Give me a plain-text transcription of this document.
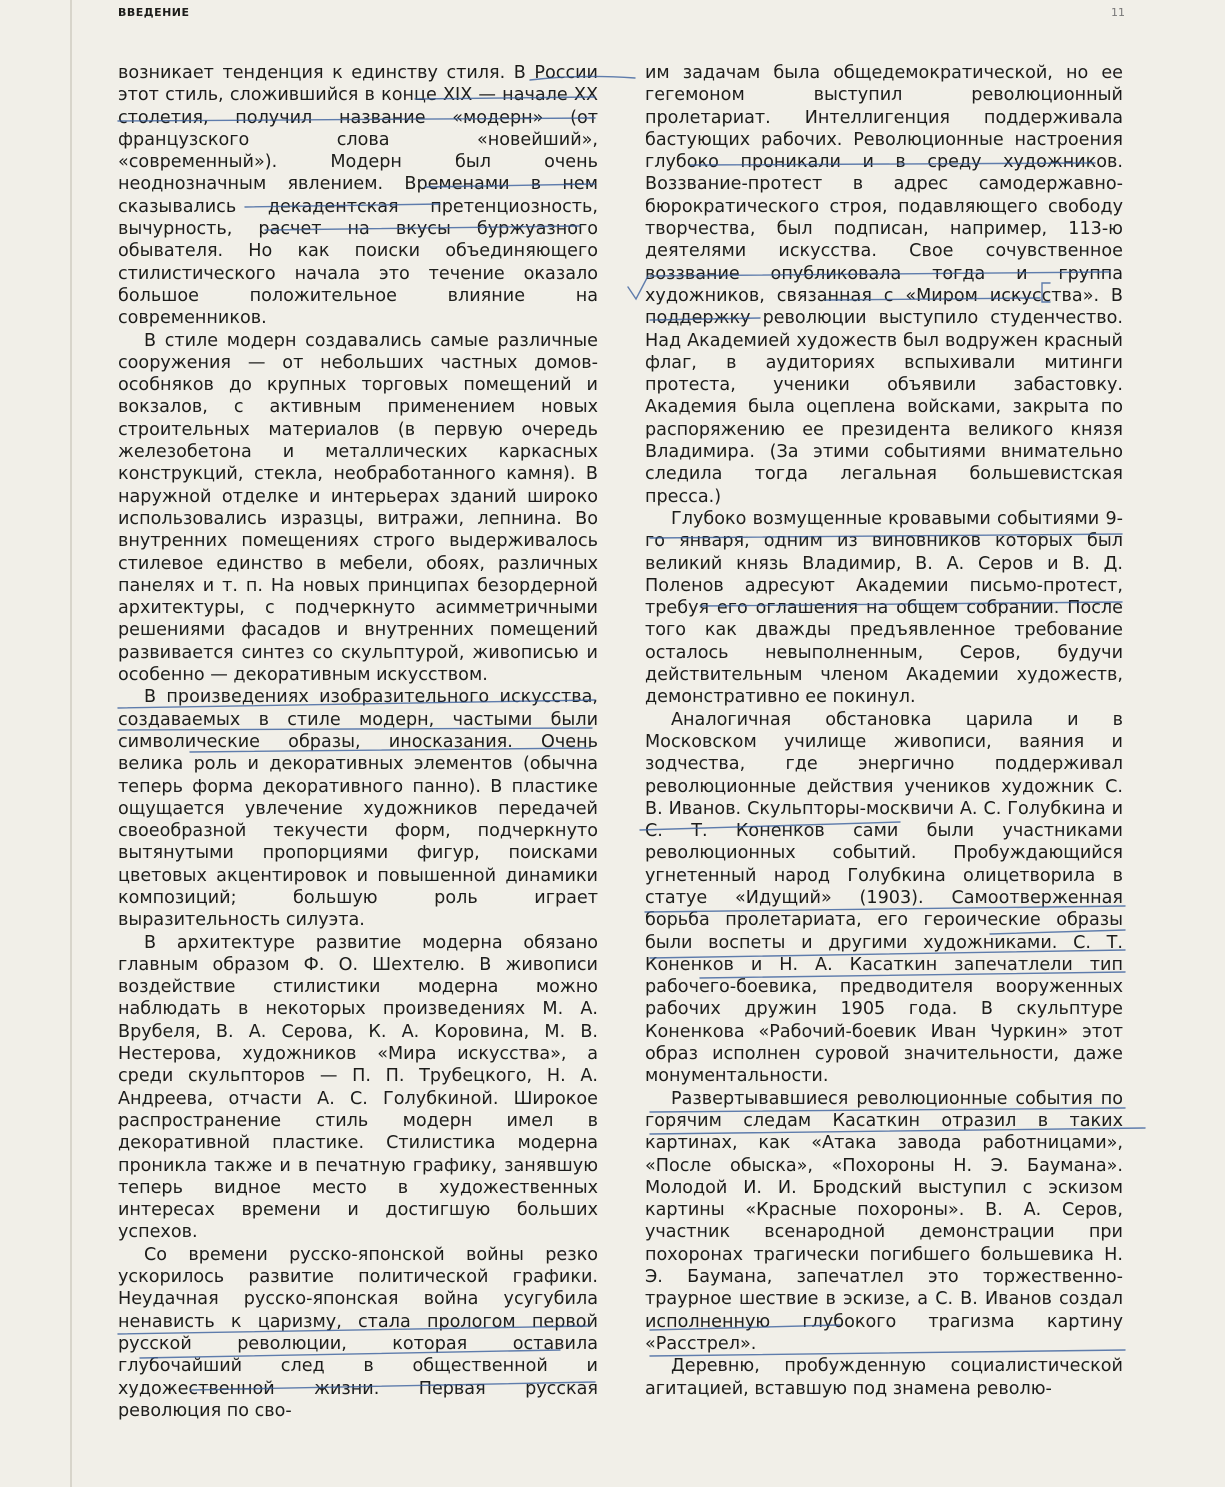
ВВЕДЕНИЕ	11

возникает тенденция к единству стиля. В России этот стиль, сложившийся в конце XIX — начале XX столетия, получил название «модерн» (от французского слова «новейший», «современный»). Модерн был очень неоднозначным явлением. Временами в нем сказывались декадентская претенциозность, вычурность, расчет на вкусы буржуазного обывателя. Но как поиски объединяющего стилистического начала это течение оказало большое положительное влияние на современников.

В стиле модерн создавались самые различные сооружения — от небольших частных домов-особняков до крупных торговых помещений и вокзалов, с активным применением новых строительных материалов (в первую очередь железобетона и металлических каркасных конструкций, стекла, необработанного камня). В наружной отделке и интерьерах зданий широко использовались изразцы, витражи, лепнина. Во внутренних помещениях строго выдерживалось стилевое единство в мебели, обоях, различных панелях и т. п. На новых принципах безордерной архитектуры, с подчеркнуто асимметричными решениями фасадов и внутренних помещений развивается синтез со скульптурой, живописью и особенно — декоративным искусством.

В произведениях изобразительного искусства, создаваемых в стиле модерн, частыми были символические образы, иносказания. Очень велика роль и декоративных элементов (обычна теперь форма декоративного панно). В пластике ощущается увлечение художников передачей своеобразной текучести форм, подчеркнуто вытянутыми пропорциями фигур, поисками цветовых акцентировок и повышенной динамики композиций; большую роль играет выразительность силуэта.

В архитектуре развитие модерна обязано главным образом Ф. О. Шехтелю. В живописи воздействие стилистики модерна можно наблюдать в некоторых произведениях М. А. Врубеля, В. А. Серова, К. А. Коровина, М. В. Нестерова, художников «Мира искусства», а среди скульпторов — П. П. Трубецкого, Н. А. Андреева, отчасти А. С. Голубкиной. Широкое распространение стиль модерн имел в декоративной пластике. Стилистика модерна проникла также и в печатную графику, занявшую теперь видное место в художественных интересах времени и достигшую больших успехов.

Со времени русско-японской войны резко ускорилось развитие политической графики. Неудачная русско-японская война усугубила ненависть к царизму, стала прологом первой русской революции, которая оставила глубочайший след в общественной и художественной жизни. Первая русская революция по сво-

им задачам была общедемократической, но ее гегемоном выступил революционный пролетариат. Интеллигенция поддерживала бастующих рабочих. Революционные настроения глубоко проникали и в среду художников. Воззвание-протест в адрес самодержавно-бюрократического строя, подавляющего свободу творчества, был подписан, например, 113-ю деятелями искусства. Свое сочувственное воззвание опубликовала тогда и группа художников, связанная с «Миром искусства». В поддержку революции выступило студенчество. Над Академией художеств был водружен красный флаг, в аудиториях вспыхивали митинги протеста, ученики объявили забастовку. Академия была оцеплена войсками, закрыта по распоряжению ее президента великого князя Владимира. (За этими событиями внимательно следила тогда легальная большевистская пресса.)

Глубоко возмущенные кровавыми событиями 9-го января, одним из виновников которых был великий князь Владимир, В. А. Серов и В. Д. Поленов адресуют Академии письмо-протест, требуя его оглашения на общем собрании. После того как дважды предъявленное требование осталось невыполненным, Серов, будучи действительным членом Академии художеств, демонстративно ее покинул.

Аналогичная обстановка царила и в Московском училище живописи, ваяния и зодчества, где энергично поддерживал революционные действия учеников художник С. В. Иванов. Скульпторы-москвичи А. С. Голубкина и С. Т. Коненков сами были участниками революционных событий. Пробуждающийся угнетенный народ Голубкина олицетворила в статуе «Идущий» (1903). Самоотверженная борьба пролетариата, его героические образы были воспеты и другими художниками. С. Т. Коненков и Н. А. Касаткин запечатлели тип рабочего-боевика, предводителя вооруженных рабочих дружин 1905 года. В скульптуре Коненкова «Рабочий-боевик Иван Чуркин» этот образ исполнен суровой значительности, даже монументальности.

Развертывавшиеся революционные события по горячим следам Касаткин отразил в таких картинах, как «Атака завода работницами», «После обыска», «Похороны Н. Э. Баумана». Молодой И. И. Бродский выступил с эскизом картины «Красные похороны». В. А. Серов, участник всенародной демонстрации при похоронах трагически погибшего большевика Н. Э. Баумана, запечатлел это торжественно-траурное шествие в эскизе, а С. В. Иванов создал исполненную глубокого трагизма картину «Расстрел».

Деревню, пробужденную социалистической агитацией, вставшую под знамена револю-
